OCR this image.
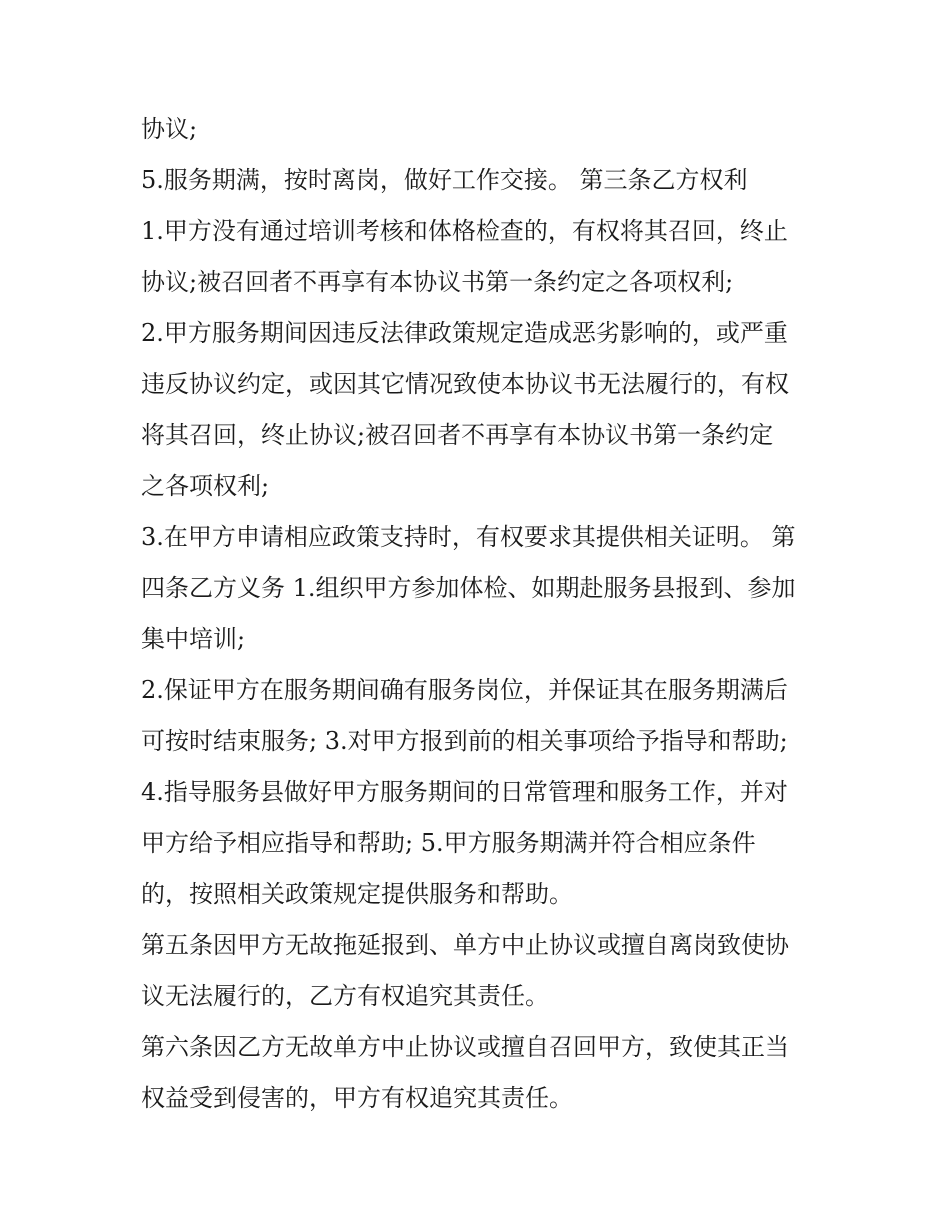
协议;

5.服务期满，按时离岗，做好工作交接。 第三条乙方权利

1.甲方没有通过培训考核和体格检查的，有权将其召回，终止

协议;被召回者不再享有本协议书第一条约定之各项权利;

2.甲方服务期间因违反法律政策规定造成恶劣影响的，或严重

违反协议约定，或因其它情况致使本协议书无法履行的，有权

将其召回，终止协议;被召回者不再享有本协议书第一条约定

之各项权利;

3.在甲方申请相应政策支持时，有权要求其提供相关证明。 第

四条乙方义务 1.组织甲方参加体检、如期赴服务县报到、参加

集中培训;

2.保证甲方在服务期间确有服务岗位，并保证其在服务期满后

可按时结束服务; 3.对甲方报到前的相关事项给予指导和帮助;

4.指导服务县做好甲方服务期间的日常管理和服务工作，并对

甲方给予相应指导和帮助; 5.甲方服务期满并符合相应条件

的，按照相关政策规定提供服务和帮助。

第五条因甲方无故拖延报到、单方中止协议或擅自离岗致使协

议无法履行的，乙方有权追究其责任。

第六条因乙方无故单方中止协议或擅自召回甲方，致使其正当

权益受到侵害的，甲方有权追究其责任。
